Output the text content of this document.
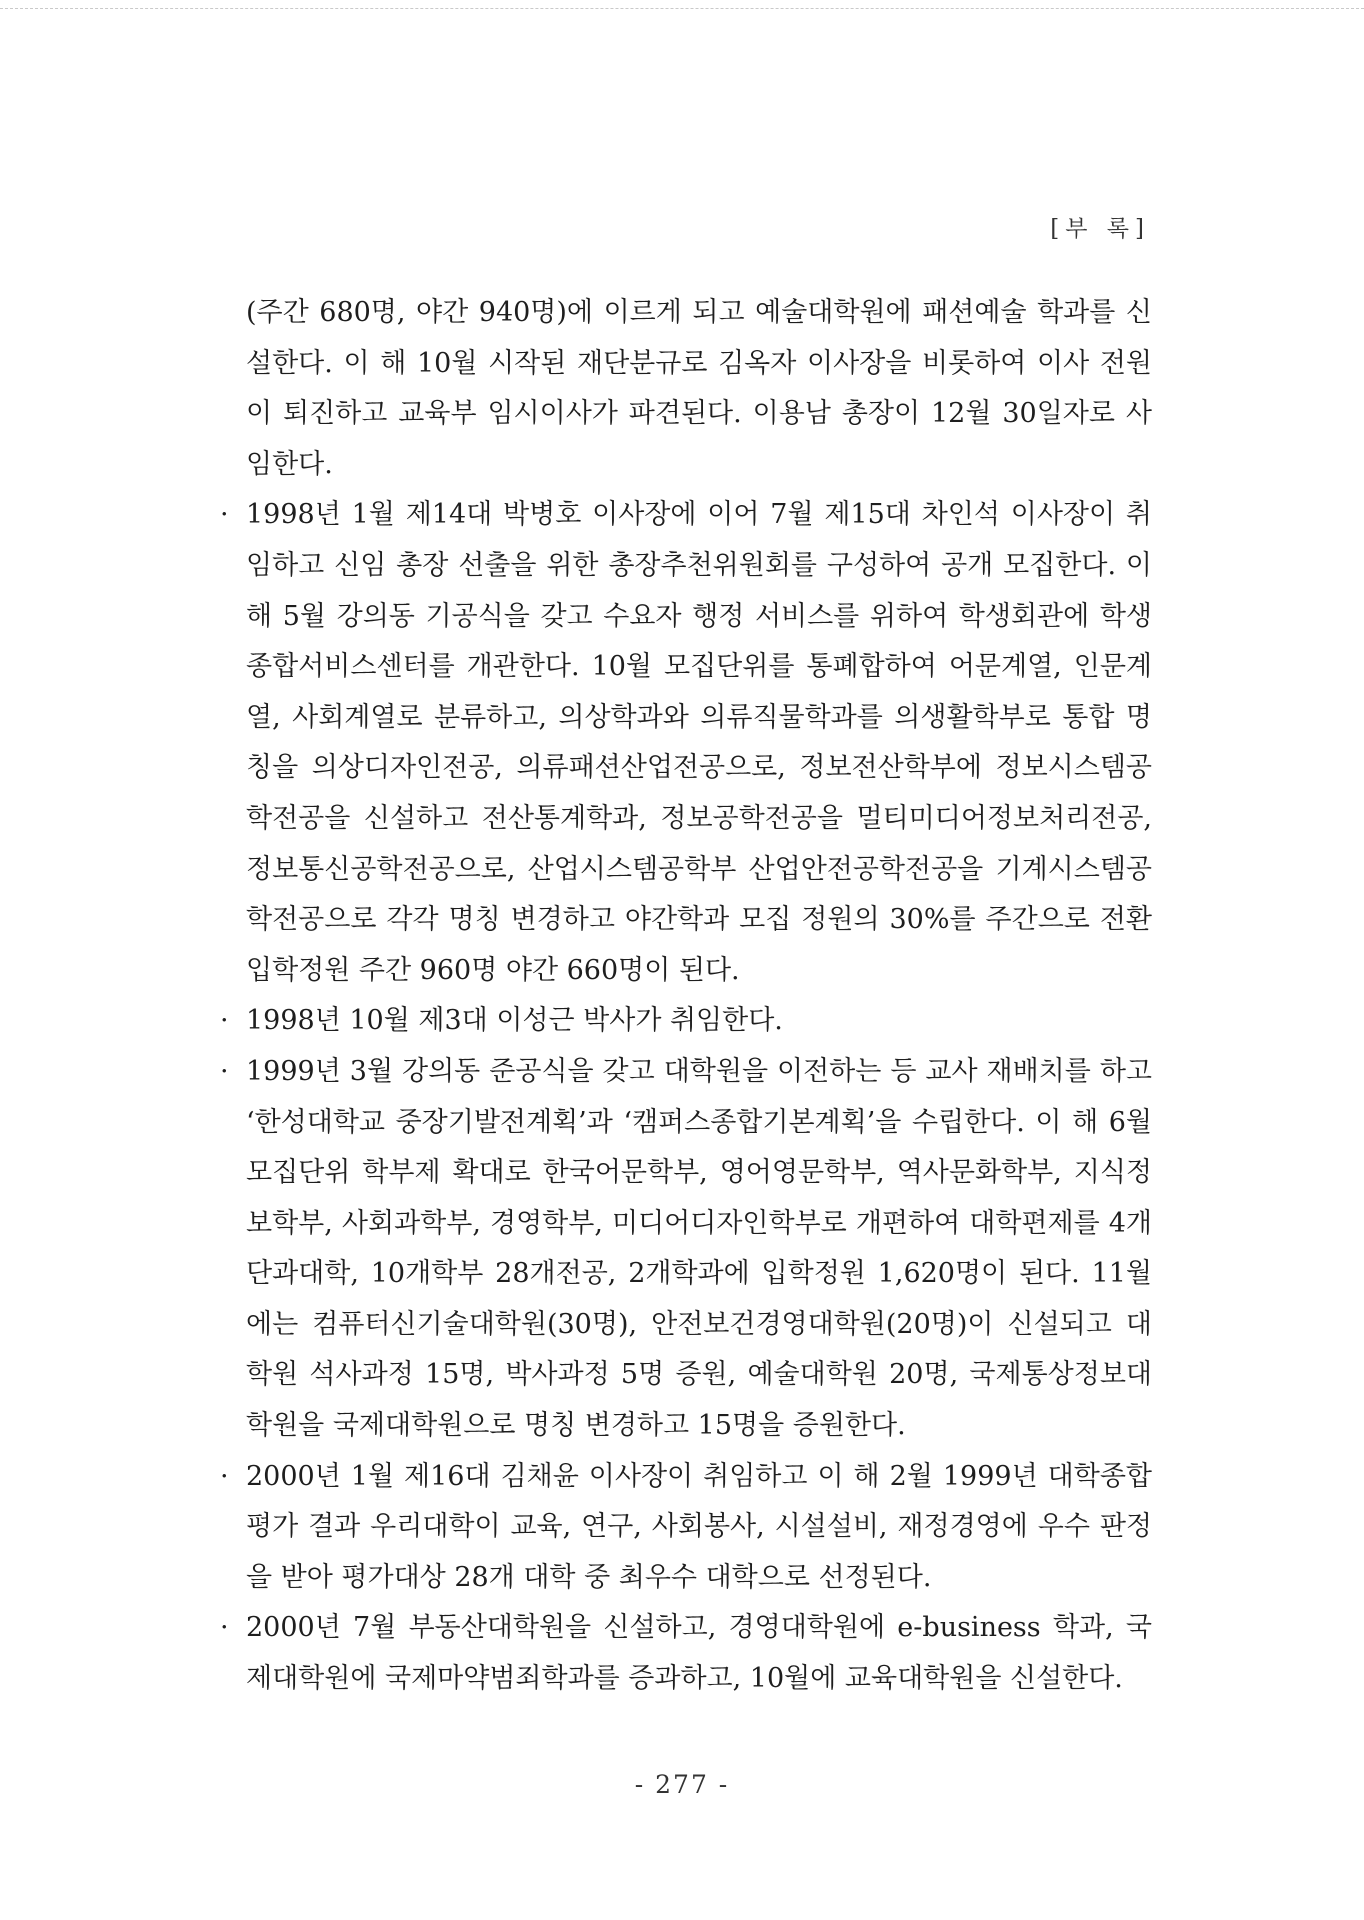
[부 록]

(주간 680명, 야간 940명)에 이르게 되고 예술대학원에 패션예술 학과를 신설한다. 이 해 10월 시작된 재단분규로 김옥자 이사장을 비롯하여 이사 전원이 퇴진하고 교육부 임시이사가 파견된다. 이용남 총장이 12월 30일자로 사임한다.

· 1998년 1월 제14대 박병호 이사장에 이어 7월 제15대 차인석 이사장이 취임하고 신임 총장 선출을 위한 총장추천위원회를 구성하여 공개 모집한다. 이 해 5월 강의동 기공식을 갖고 수요자 행정 서비스를 위하여 학생회관에 학생종합서비스센터를 개관한다. 10월 모집단위를 통폐합하여 어문계열, 인문계열, 사회계열로 분류하고, 의상학과와 의류직물학과를 의생활학부로 통합 명칭을 의상디자인전공, 의류패션산업전공으로, 정보전산학부에 정보시스템공학전공을 신설하고 전산통계학과, 정보공학전공을 멀티미디어정보처리전공, 정보통신공학전공으로, 산업시스템공학부 산업안전공학전공을 기계시스템공학전공으로 각각 명칭 변경하고 야간학과 모집 정원의 30%를 주간으로 전환 입학정원 주간 960명 야간 660명이 된다.

· 1998년 10월 제3대 이성근 박사가 취임한다.

· 1999년 3월 강의동 준공식을 갖고 대학원을 이전하는 등 교사 재배치를 하고 ‘한성대학교 중장기발전계획’과 ‘캠퍼스종합기본계획’을 수립한다. 이 해 6월 모집단위 학부제 확대로 한국어문학부, 영어영문학부, 역사문화학부, 지식정보학부, 사회과학부, 경영학부, 미디어디자인학부로 개편하여 대학편제를 4개 단과대학, 10개학부 28개전공, 2개학과에 입학정원 1,620명이 된다. 11월에는 컴퓨터신기술대학원(30명), 안전보건경영대학원(20명)이 신설되고 대학원 석사과정 15명, 박사과정 5명 증원, 예술대학원 20명, 국제통상정보대학원을 국제대학원으로 명칭 변경하고 15명을 증원한다.

· 2000년 1월 제16대 김채윤 이사장이 취임하고 이 해 2월 1999년 대학종합평가 결과 우리대학이 교육, 연구, 사회봉사, 시설설비, 재정경영에 우수 판정을 받아 평가대상 28개 대학 중 최우수 대학으로 선정된다.

· 2000년 7월 부동산대학원을 신설하고, 경영대학원에 e-business 학과, 국제대학원에 국제마약범죄학과를 증과하고, 10월에 교육대학원을 신설한다.

- 277 -
